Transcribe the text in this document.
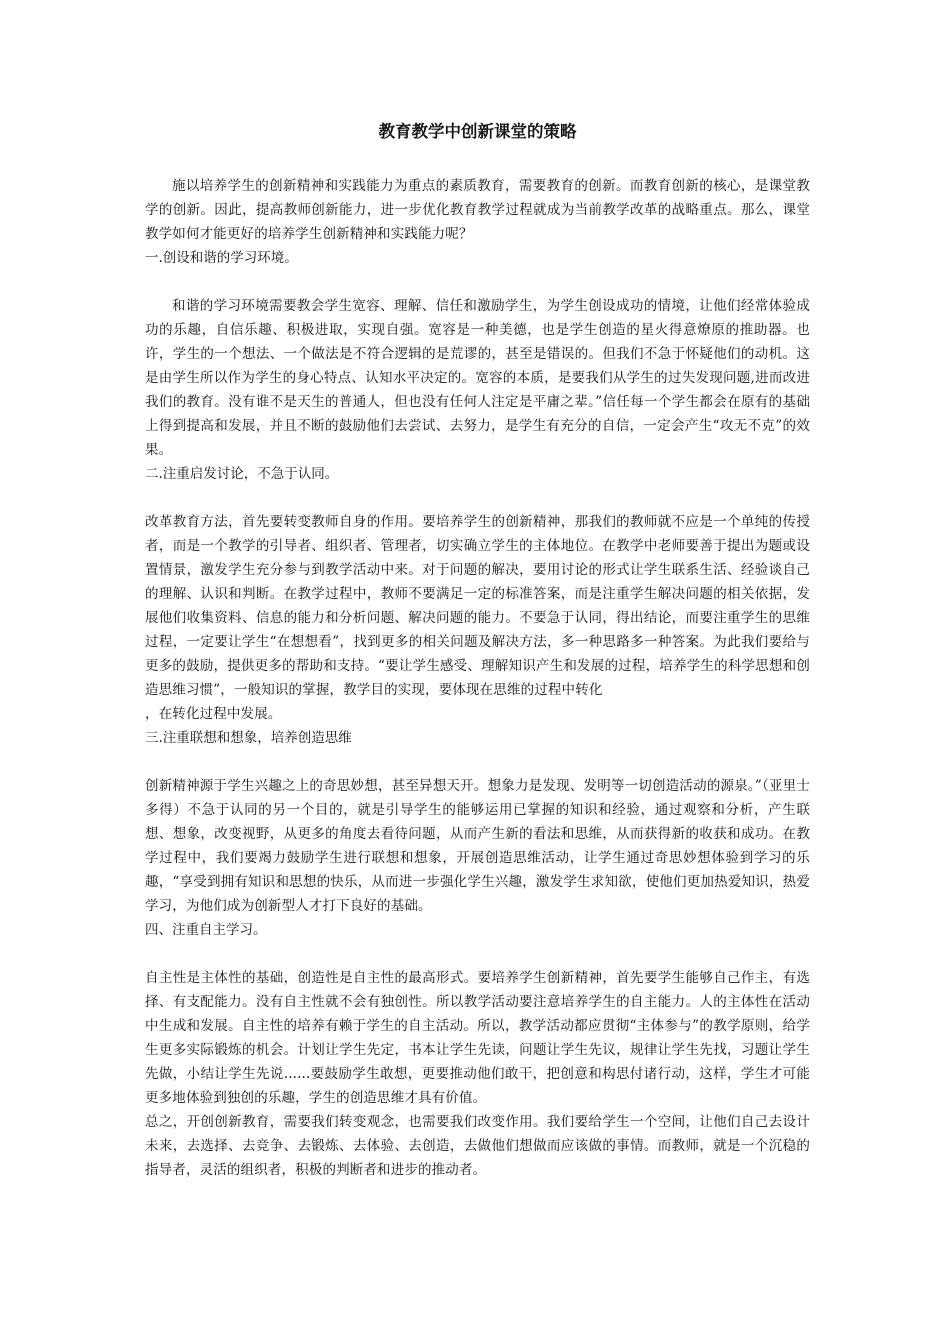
教育教学中创新课堂的策略

施以培养学生的创新精神和实践能力为重点的素质教育，需要教育的创新。而教育创新的核心，是课堂教学的创新。因此，提高教师创新能力，进一步优化教育教学过程就成为当前教学改革的战略重点。那么，课堂教学如何才能更好的培养学生创新精神和实践能力呢？

一.创设和谐的学习环境。

和谐的学习环境需要教会学生宽容、理解、信任和激励学生，为学生创设成功的情境，让他们经常体验成功的乐趣，自信乐趣、积极进取，实现自强。宽容是一种美德，也是学生创造的星火得意燎原的推助器。也许，学生的一个想法、一个做法是不符合逻辑的是荒谬的，甚至是错误的。但我们不急于怀疑他们的动机。这是由学生所以作为学生的身心特点、认知水平决定的。宽容的本质，是要我们从学生的过失发现问题,进而改进我们的教育。没有谁不是天生的普通人，但也没有任何人注定是平庸之辈。”信任每一个学生都会在原有的基础上得到提高和发展，并且不断的鼓励他们去尝试、去努力，是学生有充分的自信，一定会产生“攻无不克”的效果。

二.注重启发讨论，不急于认同。

改革教育方法，首先要转变教师自身的作用。要培养学生的创新精神，那我们的教师就不应是一个单纯的传授者，而是一个教学的引导者、组织者、管理者，切实确立学生的主体地位。在教学中老师要善于提出为题或设置情景，激发学生充分参与到教学活动中来。对于问题的解决，要用讨论的形式让学生联系生活、经验谈自己的理解、认识和判断。在教学过程中，教师不要满足一定的标准答案，而是注重学生解决问题的相关依据，发展他们收集资料、信息的能力和分析问题、解决问题的能力。不要急于认同，得出结论，而要注重学生的思维过程，一定要让学生“在想想看”，找到更多的相关问题及解决方法，多一种思路多一种答案。为此我们要给与更多的鼓励，提供更多的帮助和支持。“要让学生感受、理解知识产生和发展的过程，培养学生的科学思想和创造思维习惯”，一般知识的掌握，教学目的实现，要体现在思维的过程中转化

，在转化过程中发展。

三.注重联想和想象，培养创造思维

创新精神源于学生兴趣之上的奇思妙想，甚至异想天开。想象力是发现、发明等一切创造活动的源泉。”（亚里士多得）不急于认同的另一个目的，就是引导学生的能够运用已掌握的知识和经验，通过观察和分析，产生联想、想象，改变视野，从更多的角度去看待问题，从而产生新的看法和思维，从而获得新的收获和成功。在教学过程中，我们要竭力鼓励学生进行联想和想象，开展创造思维活动，让学生通过奇思妙想体验到学习的乐趣，“享受到拥有知识和思想的快乐，从而进一步强化学生兴趣，激发学生求知欲，使他们更加热爱知识，热爱学习，为他们成为创新型人才打下良好的基础。

四、注重自主学习。

自主性是主体性的基础，创造性是自主性的最高形式。要培养学生创新精神，首先要学生能够自己作主，有选择、有支配能力。没有自主性就不会有独创性。所以教学活动要注意培养学生的自主能力。人的主体性在活动中生成和发展。自主性的培养有赖于学生的自主活动。所以，教学活动都应贯彻“主体参与”的教学原则，给学生更多实际锻炼的机会。计划让学生先定，书本让学生先读，问题让学生先议，规律让学生先找，习题让学生先做，小结让学生先说......要鼓励学生敢想，更要推动他们敢干，把创意和构思付诸行动，这样，学生才可能更多地体验到独创的乐趣，学生的创造思维才具有价值。

总之，开创创新教育，需要我们转变观念，也需要我们改变作用。我们要给学生一个空间，让他们自己去设计未来，去选择、去竞争、去锻炼、去体验、去创造，去做他们想做而应该做的事情。而教师，就是一个沉稳的指导者，灵活的组织者，积极的判断者和进步的推动者。
